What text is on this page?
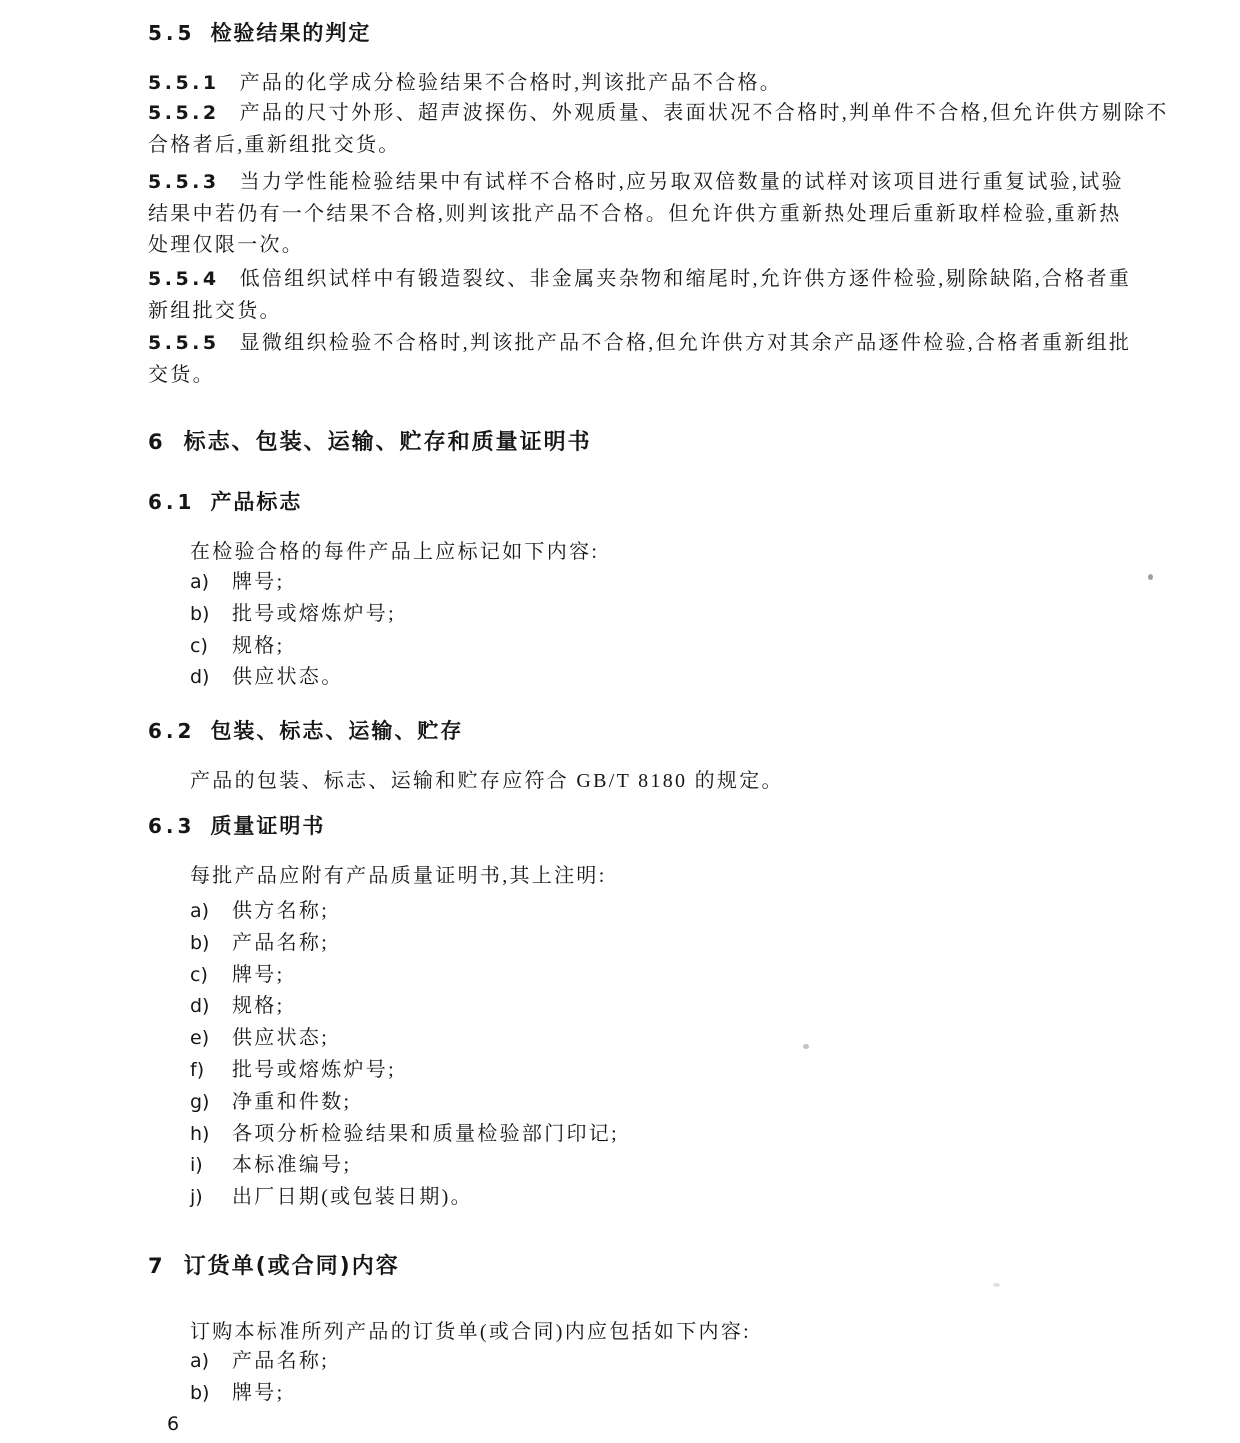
5.5 检验结果的判定
5.5.1 产品的化学成分检验结果不合格时,判该批产品不合格。
5.5.2 产品的尺寸外形、超声波探伤、外观质量、表面状况不合格时,判单件不合格,但允许供方剔除不
合格者后,重新组批交货。
5.5.3 当力学性能检验结果中有试样不合格时,应另取双倍数量的试样对该项目进行重复试验,试验
结果中若仍有一个结果不合格,则判该批产品不合格。但允许供方重新热处理后重新取样检验,重新热
处理仅限一次。
5.5.4 低倍组织试样中有锻造裂纹、非金属夹杂物和缩尾时,允许供方逐件检验,剔除缺陷,合格者重
新组批交货。
5.5.5 显微组织检验不合格时,判该批产品不合格,但允许供方对其余产品逐件检验,合格者重新组批
交货。
6 标志、包装、运输、贮存和质量证明书
6.1 产品标志
在检验合格的每件产品上应标记如下内容:
a) 牌号;
b) 批号或熔炼炉号;
c) 规格;
d) 供应状态。
6.2 包装、标志、运输、贮存
产品的包装、标志、运输和贮存应符合 GB/T 8180 的规定。
6.3 质量证明书
每批产品应附有产品质量证明书,其上注明:
a) 供方名称;
b) 产品名称;
c) 牌号;
d) 规格;
e) 供应状态;
f) 批号或熔炼炉号;
g) 净重和件数;
h) 各项分析检验结果和质量检验部门印记;
i) 本标准编号;
j) 出厂日期(或包装日期)。
7 订货单(或合同)内容
订购本标准所列产品的订货单(或合同)内应包括如下内容:
a) 产品名称;
b) 牌号;
6
